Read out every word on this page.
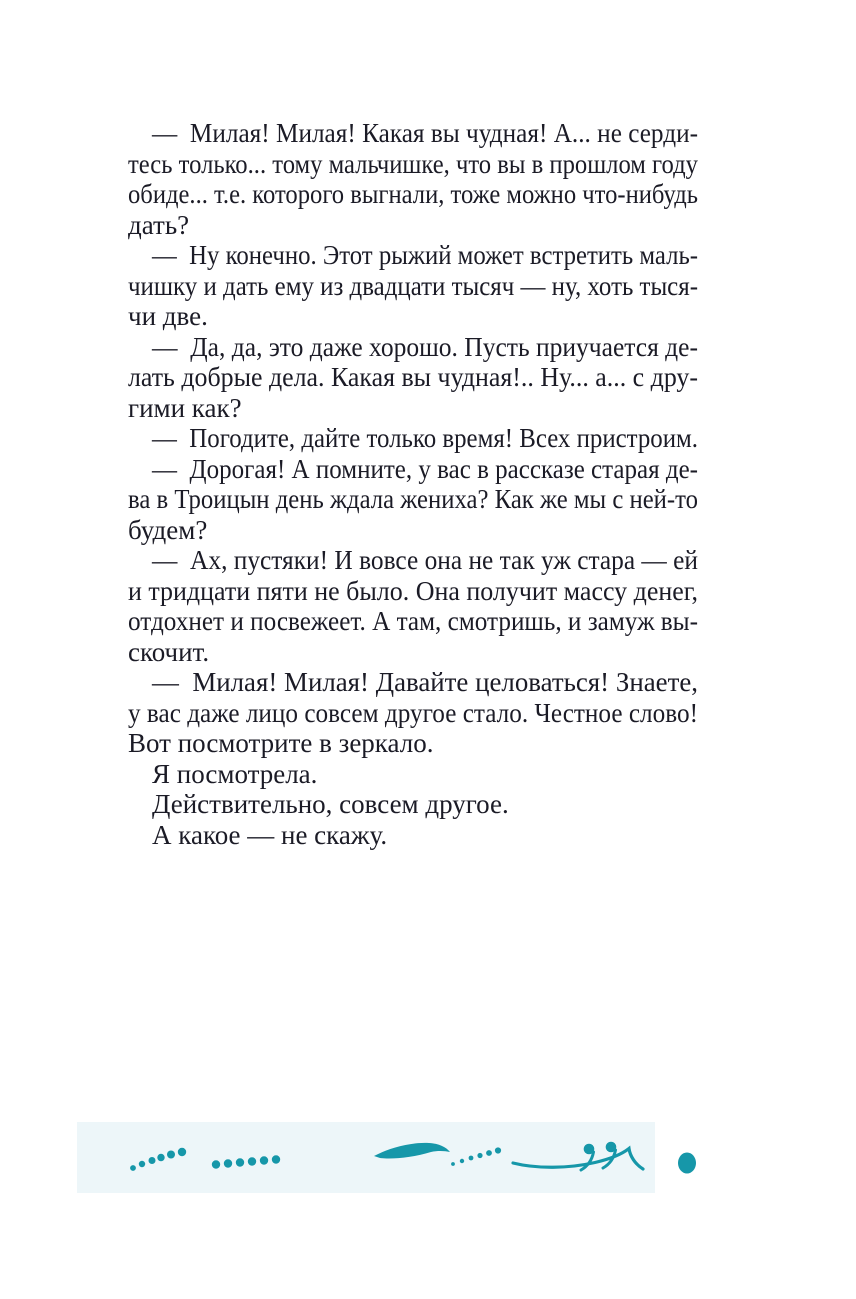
— Милая! Милая! Какая вы чудная! А... не серди-
тесь только... тому мальчишке, что вы в прошлом году
обиде... т.е. которого выгнали, тоже можно что-нибудь
дать?
— Ну конечно. Этот рыжий может встретить маль-
чишку и дать ему из двадцати тысяч — ну, хоть тыся-
чи две.
— Да, да, это даже хорошо. Пусть приучается де-
лать добрые дела. Какая вы чудная!.. Ну... а... с дру-
гими как?
— Погодите, дайте только время! Всех пристроим.
— Дорогая! А помните, у вас в рассказе старая де-
ва в Троицын день ждала жениха? Как же мы с ней-то
будем?
— Ах, пустяки! И вовсе она не так уж стара — ей
и тридцати пяти не было. Она получит массу денег,
отдохнет и посвежеет. А там, смотришь, и замуж вы-
скочит.
— Милая! Милая! Давайте целоваться! Знаете,
у вас даже лицо совсем другое стало. Честное слово!
Вот посмотрите в зеркало.
Я посмотрела.
Действительно, совсем другое.
А какое — не скажу.
